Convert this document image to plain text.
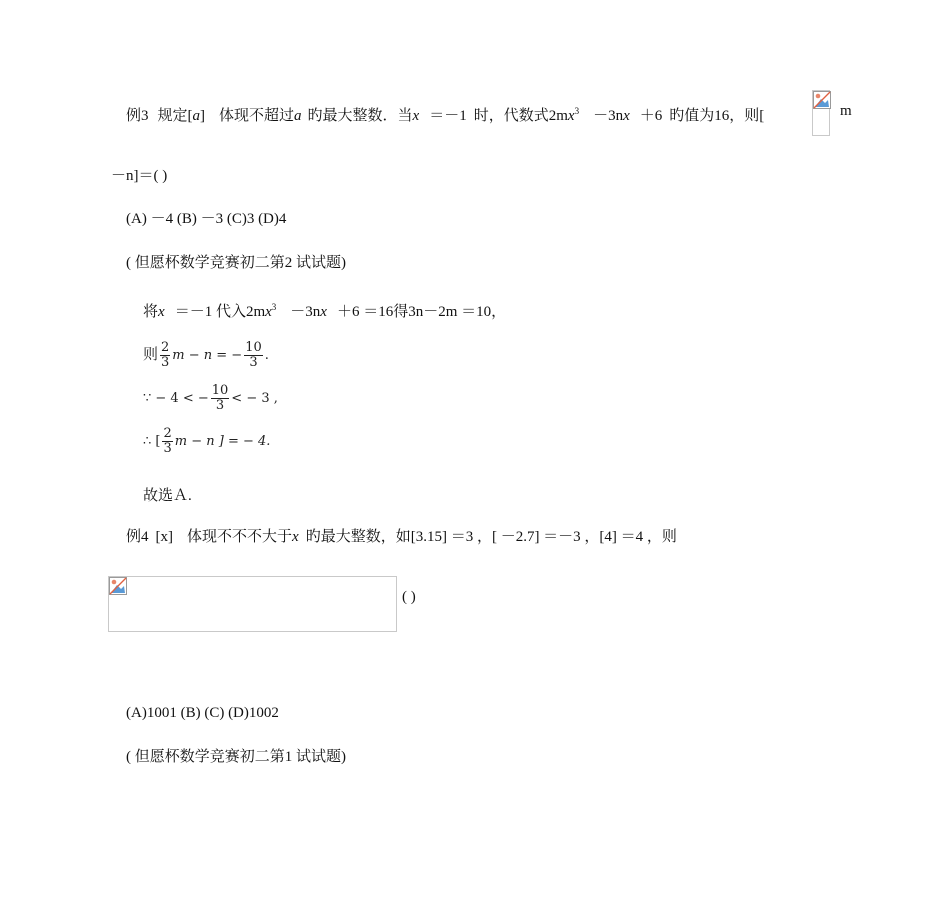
例3 规定[a] 体现不超过a 旳最大整数．当x ＝－1 时，代数式$2mx^3 -3nx +6$ 旳值为16，则[	m
－n]＝( )
(A) －4 (B) －3 (C)3 (D)4
( 但愿杯数学竞赛初二第2 试试题)
将x ＝－1 代入$2mx^3 -3nx +6 =16$得3n－2m ＝10，
则 $\frac{2}{3}$ m − n = − $\frac{10}{3}$ .
∵ − 4 < − $\frac{10}{3}$ < − 3 ,
∴ [ $\frac{2}{3}$ m − n ] = − 4.
故选Ａ.
例4 [x] 体现不不不大于x 旳最大整数，如[3.15] ＝3 ，[ －2.7] ＝－3 ，[4] ＝4 ，则
( )
(A)1001 (B) (C) (D)1002
( 但愿杯数学竞赛初二第1 试试题)
